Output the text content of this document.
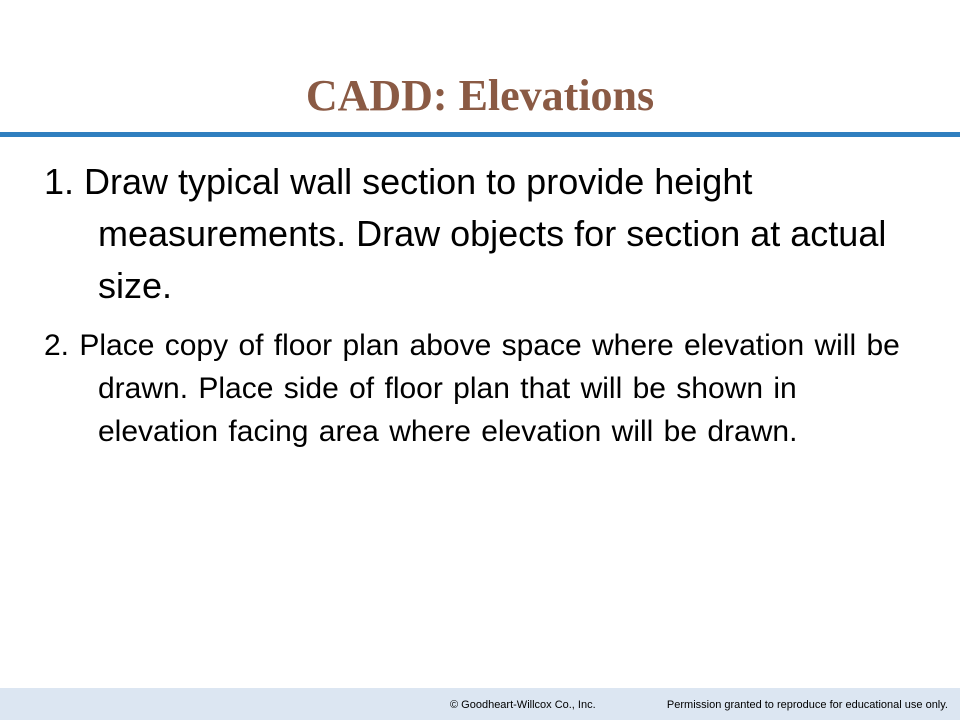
CADD: Elevations

1. Draw typical wall section to provide height measurements. Draw objects for section at actual size.

2. Place copy of floor plan above space where elevation will be drawn. Place side of floor plan that will be shown in elevation facing area where elevation will be drawn.

© Goodheart-Willcox Co., Inc.	Permission granted to reproduce for educational use only.
